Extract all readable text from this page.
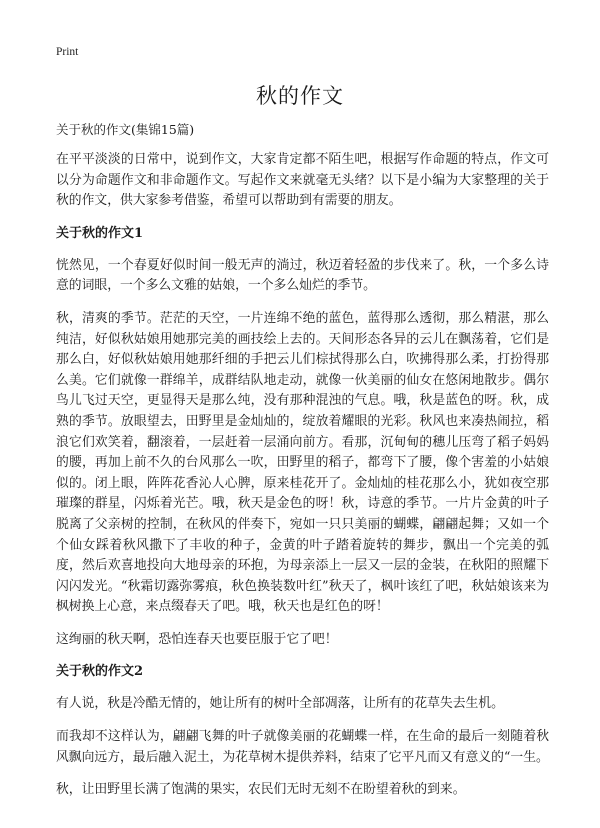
Print
秋的作文
关于秋的作文(集锦15篇)

在平平淡淡的日常中，说到作文，大家肯定都不陌生吧，根据写作命题的特点，作文可以分为命题作文和非命题作文。写起作文来就毫无头绪？以下是小编为大家整理的关于秋的作文，供大家参考借鉴，希望可以帮助到有需要的朋友。

关于秋的作文1

恍然见，一个春夏好似时间一般无声的淌过，秋迈着轻盈的步伐来了。秋，一个多么诗意的词眼，一个多么文雅的姑娘，一个多么灿烂的季节。

秋，清爽的季节。茫茫的天空，一片连绵不绝的蓝色，蓝得那么透彻，那么精湛，那么纯洁，好似秋姑娘用她那完美的画技绘上去的。天间形态各异的云儿在飘荡着，它们是那么白，好似秋姑娘用她那纤细的手把云儿们棕拭得那么白，吹拂得那么柔，打扮得那么美。它们就像一群绵羊，成群结队地走动，就像一伙美丽的仙女在悠闲地散步。偶尔鸟儿飞过天空，更显得天是那么纯，没有那种混浊的气息。哦，秋是蓝色的呀。秋，成熟的季节。放眼望去，田野里是金灿灿的，绽放着耀眼的光彩。秋风也来凑热闹拉，稻浪它们欢笑着，翻滚着，一层赶着一层涌向前方。看那，沉甸甸的穗儿压弯了稻子妈妈的腰，再加上前不久的台风那么一吹，田野里的稻子，都弯下了腰，像个害羞的小姑娘似的。闭上眼，阵阵花香沁人心脾，原来桂花开了。金灿灿的桂花那么小，犹如夜空那璀璨的群星，闪烁着光芒。哦，秋天是金色的呀！秋，诗意的季节。一片片金黄的叶子脱离了父亲树的控制，在秋风的伴奏下，宛如一只只美丽的蝴蝶，翩翩起舞；又如一个个仙女踩着秋风撒下了丰收的种子，金黄的叶子踏着旋转的舞步，飘出一个完美的弧度，然后欢喜地投向大地母亲的环抱，为母亲添上一层又一层的金装，在秋阳的照耀下闪闪发光。“秋霜切露弥雾痕，秋色换装数叶红”秋天了，枫叶该红了吧，秋姑娘该来为枫树换上心意，来点缀春天了吧。哦，秋天也是红色的呀！

这绚丽的秋天啊，恐怕连春天也要臣服于它了吧！

关于秋的作文2

有人说，秋是冷酷无情的，她让所有的树叶全部凋落，让所有的花草失去生机。

而我却不这样认为，翩翩飞舞的叶子就像美丽的花蝴蝶一样，在生命的最后一刻随着秋风飘向远方，最后融入泥土，为花草树木提供养料，结束了它平凡而又有意义的“一生。

秋，让田野里长满了饱满的果实，农民们无时无刻不在盼望着秋的到来。
